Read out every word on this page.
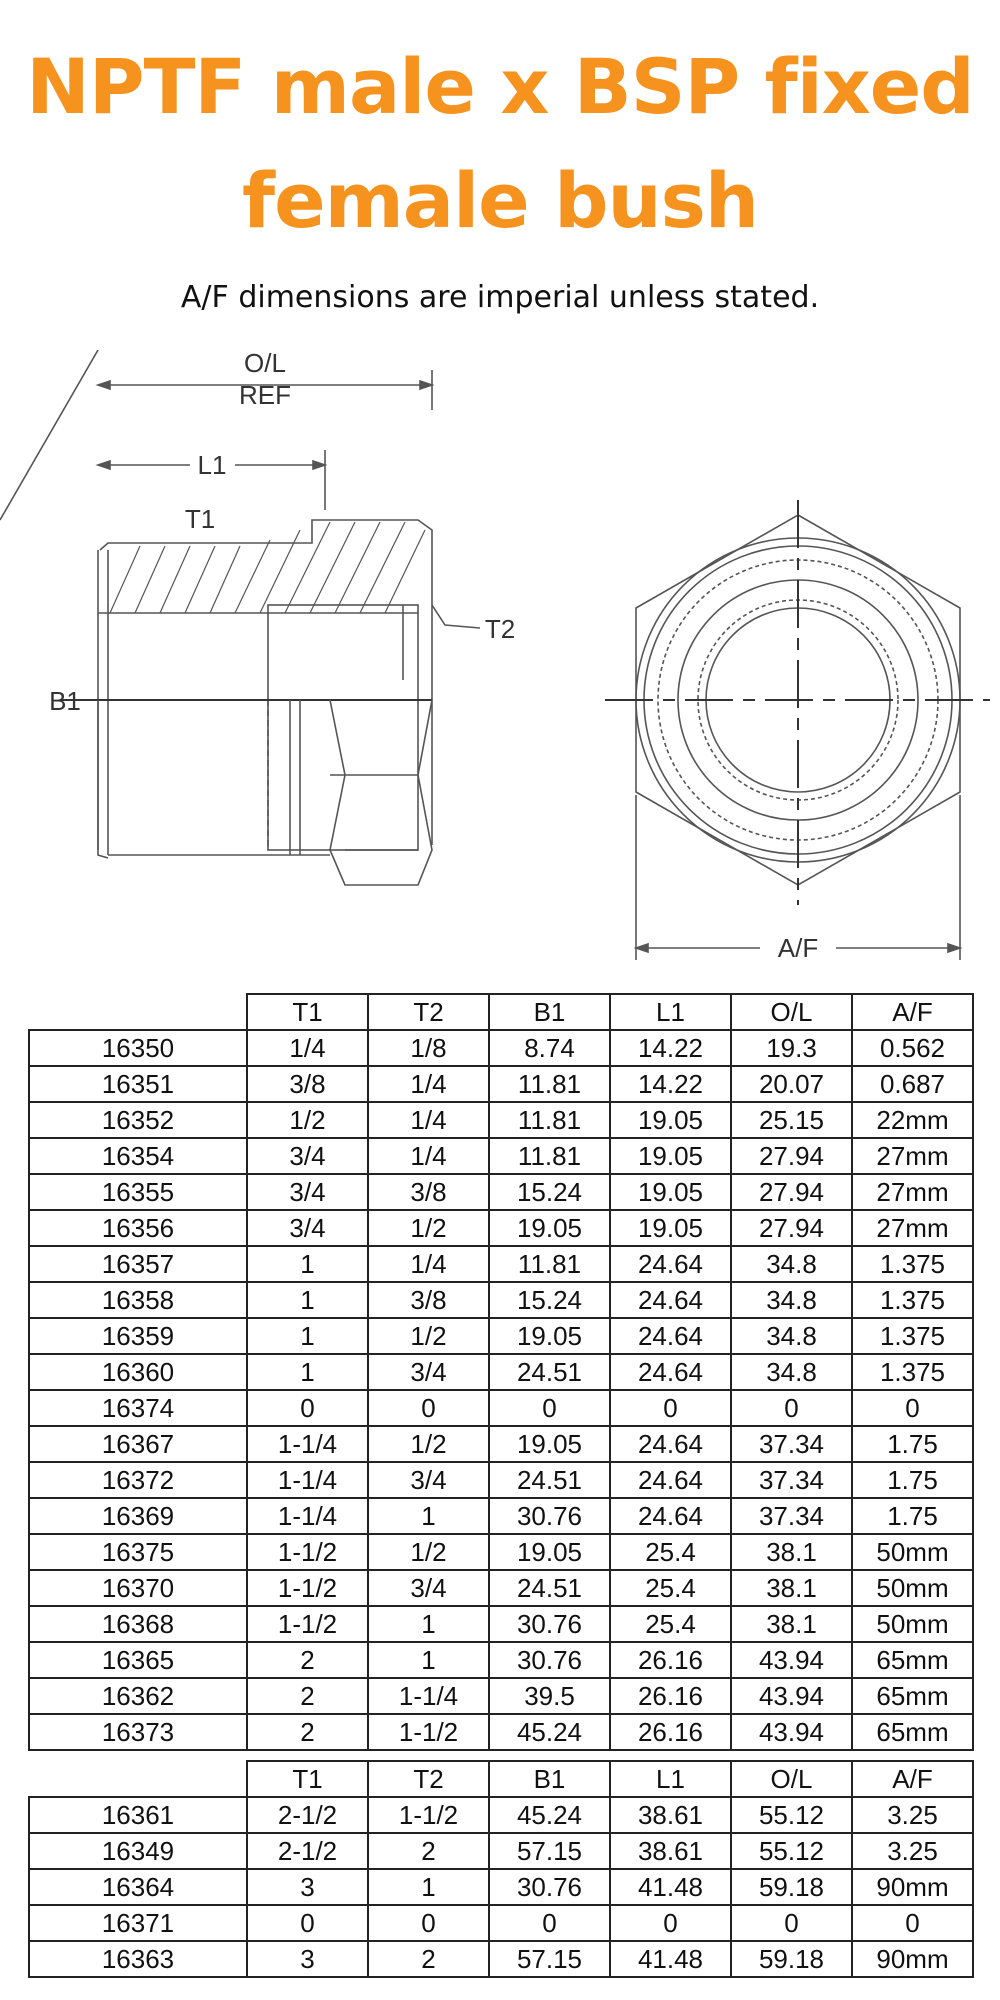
NPTF male x BSP fixed
female bush
A/F dimensions are imperial unless stated.
O/L
REF
L1
T1
T2
B1
A/F
	T1	T2	B1	L1	O/L	A/F
16350	1/4	1/8	8.74	14.22	19.3	0.562
16351	3/8	1/4	11.81	14.22	20.07	0.687
16352	1/2	1/4	11.81	19.05	25.15	22mm
16354	3/4	1/4	11.81	19.05	27.94	27mm
16355	3/4	3/8	15.24	19.05	27.94	27mm
16356	3/4	1/2	19.05	19.05	27.94	27mm
16357	1	1/4	11.81	24.64	34.8	1.375
16358	1	3/8	15.24	24.64	34.8	1.375
16359	1	1/2	19.05	24.64	34.8	1.375
16360	1	3/4	24.51	24.64	34.8	1.375
16374	0	0	0	0	0	0
16367	1-1/4	1/2	19.05	24.64	37.34	1.75
16372	1-1/4	3/4	24.51	24.64	37.34	1.75
16369	1-1/4	1	30.76	24.64	37.34	1.75
16375	1-1/2	1/2	19.05	25.4	38.1	50mm
16370	1-1/2	3/4	24.51	25.4	38.1	50mm
16368	1-1/2	1	30.76	25.4	38.1	50mm
16365	2	1	30.76	26.16	43.94	65mm
16362	2	1-1/4	39.5	26.16	43.94	65mm
16373	2	1-1/2	45.24	26.16	43.94	65mm
	T1	T2	B1	L1	O/L	A/F
16361	2-1/2	1-1/2	45.24	38.61	55.12	3.25
16349	2-1/2	2	57.15	38.61	55.12	3.25
16364	3	1	30.76	41.48	59.18	90mm
16371	0	0	0	0	0	0
16363	3	2	57.15	41.48	59.18	90mm
